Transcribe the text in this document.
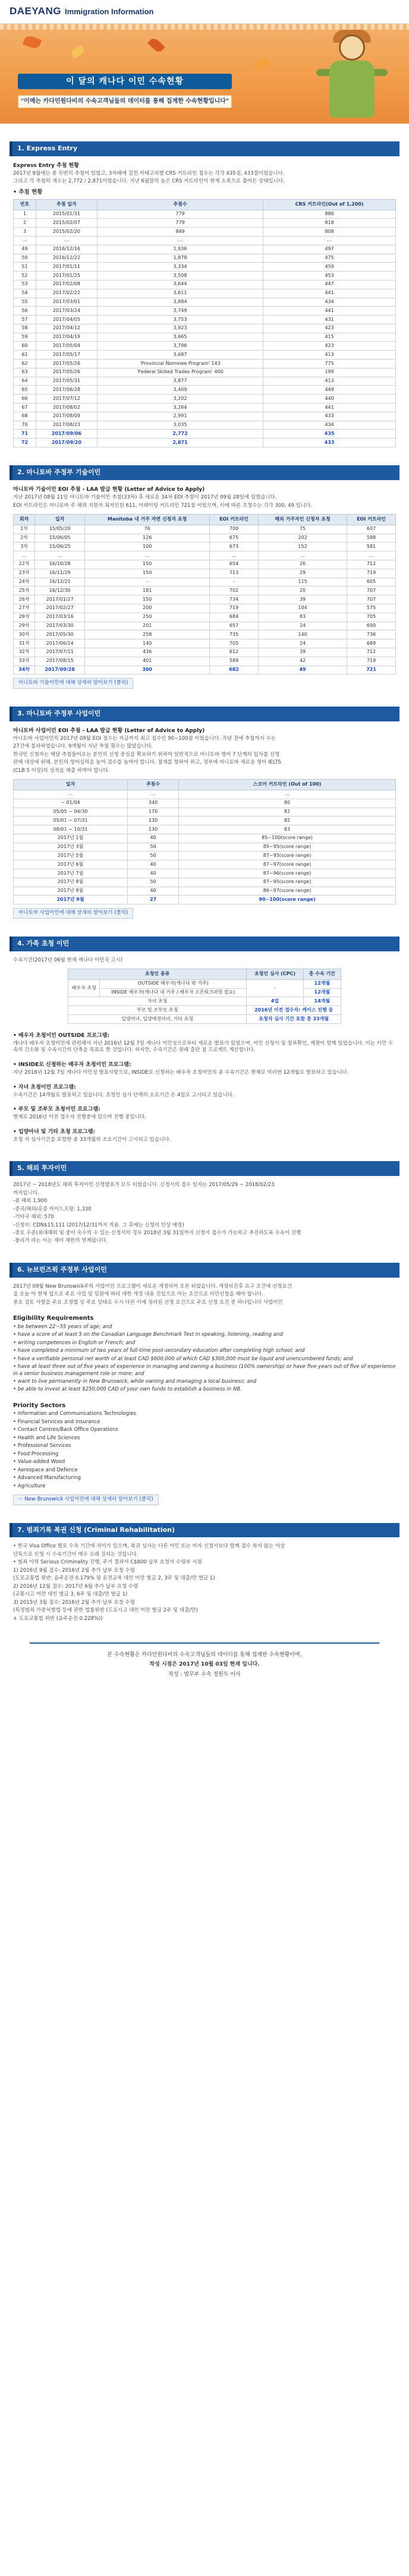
DAEYANG Immigration Information
이 달의 캐나다 이민 수속현황
"이메는 카다민원다비의 수속고객님들의 데이터를 통해 집계한 수속현황입니다"
1. Express Entry

Express Entry 추첨 현황

2017년 9월에는 총 두번의 추첨이 있었고, 3차례에 걸친 카테고리별 CRS 커트라인 점수는 각각 435점, 433점이었습니다.

그리고 각 추첨의 개수는 2,772 / 2,871이었습니다. 지난 6월말의 높은 CRS 커트라인이 현재 소폭으로 줄어든 상태입니다.

• 추첨 현황

번호	추첨 일자	추첨수	CRS 커트라인(Out of 1,200)
1	2015/01/31	779	886
2	2015/02/07	779	818
3	2015/02/20	849	808
...	...	...	...
49	2016/12/16	1,936	497
50	2016/12/22	1,878	475
51	2017/01/11	3,334	459
52	2017/01/25	3,508	453
53	2017/02/08	3,644	447
54	2017/02/22	3,611	441
55	2017/03/01	3,884	434
56	2017/03/24	3,749	441
57	2017/04/05	3,753	431
58	2017/04/12	3,923	423
59	2017/04/19	3,665	415
60	2017/05/04	3,796	423
61	2017/05/17	3,687	413
62	2017/05/26	'Provincial Nominee Program' 143	775
63	2017/05/26	'Federal Skilled Trades Program' 400	199
64	2017/05/31	3,877	413
65	2017/06/28	3,409	449
66	2017/07/12	3,202	440
67	2017/08/02	3,264	441
68	2017/08/09	2,991	433
70	2017/08/23	3,035	434
71	2017/09/06	2,772	435
72	2017/09/20	2,871	433
2. 마니토바 주정부 기술이민

마니토바 기술이민 EOI 추첨 - LAA 발급 현황 (Letter of Advice to Apply)

지난 2017년 08월 11일 마니토바 기술이민 추첨(33차) 후 새로운 34차 EOI 추첨이 2017년 09월 28일에 있었습니다.

EOI 커트라인은 마니토바 주 해외 지원자 최저인원 611, 이레이팅 커트라인 721점 이었으며, 이에 따른 초청수는 각각 300, 49 입니다.

회차	일자	Manitoba 내 거주 자면 신청자 초청	EOI 커트라인	해외 거주자인 신청자 초청	EOI 커트라인
1차	15/05/20	76	700	75	607
2차	15/06/05	126	675	202	588
3차	15/06/25	100	673	152	581
...	...	...	...	...	...
22차	16/10/28	150	654	26	712
23차	16/11/29	150	713	29	719
24차	16/12/21	-	-	115	605
25차	16/12/30	181	702	20	707
26차	2017/01/27	150	734	39	707
27차	2017/02/27	200	719	104	575
28차	2017/03/16	250	684	83	705
29차	2017/03/30	201	657	24	690
30차	2017/05/30	258	735	140	736
31차	2017/06/14	140	705	24	689
32차	2017/07/11	436	612	39	712
33차	2017/08/15	401	589	42	719
34차	2017/09/28	300	682	49	721
마니토바 기술이민에 대해 상세히 알아보기 (클릭)
3. 마니토바 주정부 사업이민

마니토바 사업이민 EOI 추첨 - LAA 발급 현황 (Letter of Advice to Apply)

마니토바 사업이민의 2017년 09월 EOI 점수는 지금까지 최고 점수인 90~100점 이었습니다. 작년 전에 추첨까지 수는

27건에 불과하였습니다. 9개월이 지난 추첨 횟수는 많았습니다.

한국인 신청자는 매달 추첨들어오는 분인의 신청 중심을 확보하기 위하여 일반적으로 마니토바 영어 7 단계의 입사를 신청

판매 대상에 위해, 본인의 영어실력을 높여 점수를 높여야 합니다. 점개를 향하여 하고, 정부에 마니토바 새로운 영어 IELTS

(CLB 5 이상)의 성적을 제출 하여야 합니다.

일자	추첨수	스코어 커트라인 (Out of 100)
...	...	...
~ 01/04	340	80
05/05 ~ 04/30	170	82
05/01 ~ 07/31	130	82
08/01 ~ 10/31	130	83
2017년 1월	40	85~100(score range)
2017년 3월	50	85~95(score range)
2017년 5월	50	87~95(score range)
2017년 6월	40	87~97(score range)
2017년 7월	40	87~96(score range)
2017년 8월	50	87~95(score range)
2017년 8월	40	86~97(score range)
2017년 9월	27	90~100(score range)
마니토바 사업이민에 대해 상세히 알아보기 (클릭)
4. 가족 초청 이민

수속기간(2017년 06월 현재 캐나다 이민국 고시)

초청인 종류		초청인 심사 (CPC)	총 수속 기간
배우자 초청	OUTSIDE 배우자(캐나다 밖 거주)	-	12개월
	INSIDE 배우자(캐나다 내 거주 / 배우자 오픈워크퍼밋 필요)		12개월
자녀 초청		4일	14개월
부모 및 조부모 초청		2016년 이전 접수자: 케이스 진행 중	
입양아녀, 입양예정아녀, 기타 초청		초청자 심사 기간 포함 총 33개월	

• 배우자 초청이민 OUTSIDE 프로그램:

캐나다 배우자 초청이민에 관련해서 지난 2016년 12월 7일 캐나다 이민성으로부터 새로운 발표가 있었으며, 이민 신청서 및 첨부확인, 계원이 함께 있었습니다. 이는 이민 수속의 간소화 및 수속시간의 단축을 목표로 한 것입니다. 하지만, 수속기간은 원래 출판 점 프로젝트 계산합니다.

• INSIDE로 신청하는 배우자 초청이민 프로그램:

지난 2016년 12월 7일 캐나다 이민성 발표사항으로, INSIDE로 신청하는 배우자 초청이민의 총 수속기간은 현재로 여러번 12개월로 발표하고 있습니다.

• 자녀 초청이민 프로그램:

수속기간은 14개월로 발표하고 있습니다. 초청인 심사 단계의 소요기간 은 4일로 고시되고 있습니다.

• 부모 및 조부모 초청이민 프로그램:

현재로 2016년 이전 접수자 진행중에 있으며 진행 중입니다.

• 입양아녀 및 기타 초청 프로그램:

초청 자 심사기간을 포함한 총 33개월의 소요기간이 고시되고 있습니다.

5. 해외 투자이민

2017년 ~ 2018년도 해외 투자이민 신청발표가 모두 되었습니다. 신청서의 접수 일자는 2017/05/29 ~ 2018/02/23

까지입니다.

-총 해외 1,900

-중국/해외/홍콩 마이드프량: 1,330

-기타국 해외: 570

-신청비: CDN$15,111 (2017/12/31까지 적용. 그 후에는 신청비 인상 예정)

-중요 수준(최대해외 및 중이 숙수의 수 있는 신청서의 경우 2018년 3월 31일까지 신청서 접수가 가능하고 추진하도록 수속이 진행

-몰리가 라는 이는 재미 제한의 연계됩니다.

6. 뉴브런즈윅 주정부 사업이민

2017년 09월 New Brunswick주의 사업이민 프로그램이 새로운 개정되어 오픈 되었습니다. 개정되진후 요구 조건에 신청요건

을 오늘 아 현재 입으로 주요 사업 및 임원에 따라 대한 개정 내용 진입으로 아는 조건으로 이민신청을 해야 합니다.

중요 검토 사항을 주요 조정법 상 주요 상태로 수시 다른 이에 정리된 신청 요건으로 주요 신청 요건 중 하나입니다 사업이민

Eligibility Requirements

• be between 22~55 years of age; and
• have a score of at least 5 on the Canadian Language Benchmark Test in speaking, listening, reading and
• writing competences in English or French; and
• have completed a minimum of two years of full-time post-secondary education after completing high school; and
• have a verifiable personal net worth of at least CAD $600,000 of which CAD $300,000 must be liquid and unencumbered funds; and
• have at least three out of five years of experience in managing and owning a business (100% ownership) or have five years out of five of experience in a senior business management role or more; and
• want to live permanently in New Brunswick, while owning and managing a local business; and
• be able to invest at least $250,000 CAD of your own funds to establish a business in NB.

Priority Sectors

• Information and Communications Technologies
• Financial Services and Insurance
• Contact Centres/Back Office Operations
• Health and Life Sciences
• Professional Services
• Food Processing
• Value-added Wood
• Aerospace and Defence
• Advanced Manufacturing
• Agriculture
☞ New Brunswick 사업이민에 대해 상세히 알아보기 (클릭)
7. 범죄기록 복권 신청 (Criminal Rehabilitation)

• 한국 Visa Office 별로 수속 기간에 차이가 있으며, 복권 심사는 다른 이민 또는 비자 신청서보다 함께 접수 하지 않는 이상

단독으로 신청 시 수속기간이 매우 오래 걸리는 것입니다.

• 범죄 이력 Serious Criminality 진행, 주거 결과서 C$800 납부 요청서 수령부 시점

1) 2016년 9월 접수: 2016년 2월 추가 납부 요청 수령

(도로교통법 위반: 음주운전 0.179% 및 운전교육 대인 미만 벌금 2, 3주 및 대출/만 벌금 1)

2) 2016년 12월 접수: 2017년 6월 추가 납부 요청 수령

(교통시고 미만 대인 벌금 3, 6주 및 대출/만 벌금 1)

3) 2015년 3월 접수: 2016년 2월 추가 납부 요청 수령

(특정범죄 가중처벌법 등에 관한 법률위반 (도로시고 대인 미만 벌금 2주 및 대출/만)

+ 도로교통법 위반 (음주운전 0.228%))

본 수속현황은 카다민원다비의 수속고객님들의 데이터를 통해 집계한 수속현황이며,

작성 시점은 2017년 10월 03일 현재 입니다.

작성 : 법무부 수속 정원두 이사
